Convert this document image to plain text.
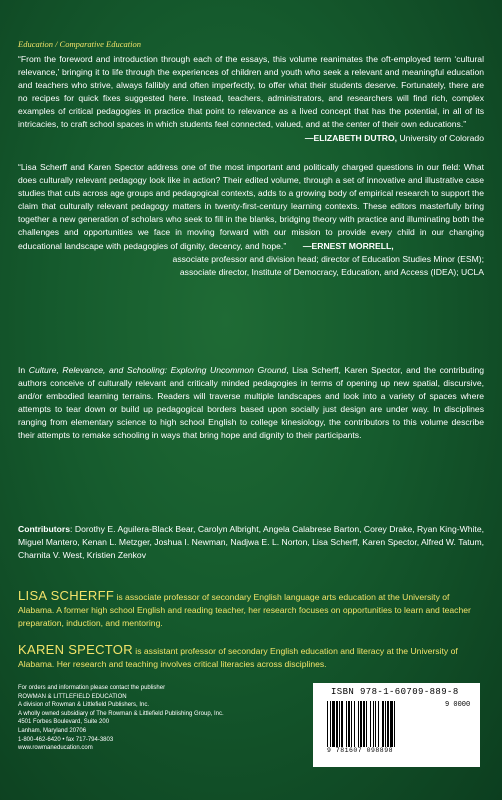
Education / Comparative Education

“From the foreword and introduction through each of the essays, this volume reanimates the oft-employed term ‘cultural relevance,’ bringing it to life through the experiences of children and youth who seek a relevant and meaningful education and teachers who strive, always fallibly and often imperfectly, to offer what their students deserve. Fortunately, there are no recipes for quick fixes suggested here. Instead, teachers, administrators, and researchers will find rich, complex examples of critical pedagogies in practice that point to relevance as a lived concept that has the potential, in all of its intricacies, to craft school spaces in which students feel connected, valued, and at the center of their own educations.”

—ELIZABETH DUTRO, University of Colorado

“Lisa Scherff and Karen Spector address one of the most important and politically charged questions in our field: What does culturally relevant pedagogy look like in action? Their edited volume, through a set of innovative and illustrative case studies that cuts across age groups and pedagogical contexts, adds to a growing body of empirical research to support the claim that culturally relevant pedagogy matters in twenty-first-century learning contexts. These editors masterfully bring together a new generation of scholars who seek to fill in the blanks, bridging theory with practice and illuminating both the challenges and opportunities we face in moving forward with our mission to provide every child in our changing educational landscape with pedagogies of dignity, decency, and hope.” —ERNEST MORRELL,

associate professor and division head; director of Education Studies Minor (ESM);
associate director, Institute of Democracy, Education, and Access (IDEA); UCLA

In Culture, Relevance, and Schooling: Exploring Uncommon Ground, Lisa Scherff, Karen Spector, and the contributing authors conceive of culturally relevant and critically minded pedagogies in terms of opening up new spatial, discursive, and/or embodied learning terrains. Readers will traverse multiple landscapes and look into a variety of spaces where attempts to tear down or build up pedagogical borders based upon socially just design are under way. In disciplines ranging from elementary science to high school English to college kinesiology, the contributors to this volume describe their attempts to remake schooling in ways that bring hope and dignity to their participants.

Contributors: Dorothy E. Aguilera-Black Bear, Carolyn Albright, Angela Calabrese Barton, Corey Drake, Ryan King-White, Miguel Mantero, Kenan L. Metzger, Joshua I. Newman, Nadjwa E. L. Norton, Lisa Scherff, Karen Spector, Alfred W. Tatum, Charnita V. West, Kristien Zenkov

LISA SCHERFF is associate professor of secondary English language arts education at the University of Alabama. A former high school English and reading teacher, her research focuses on opportunities to learn and teacher preparation, induction, and mentoring.
KAREN SPECTOR is assistant professor of secondary English education and literacy at the University of Alabama. Her research and teaching involves critical literacies across disciplines.
For orders and information please contact the publisher
ROWMAN & LITTLEFIELD EDUCATION
A division of Rowman & Littlefield Publishers, Inc.
A wholly owned subsidiary of The Rowman & Littlefield Publishing Group, Inc.
4501 Forbes Boulevard, Suite 200
Lanham, Maryland 20706
1-800-462-6420 • fax 717-794-3803
www.rowmaneducation.com
ISBN 978-1-60709-889-8
9 781607 098898
9 0000
